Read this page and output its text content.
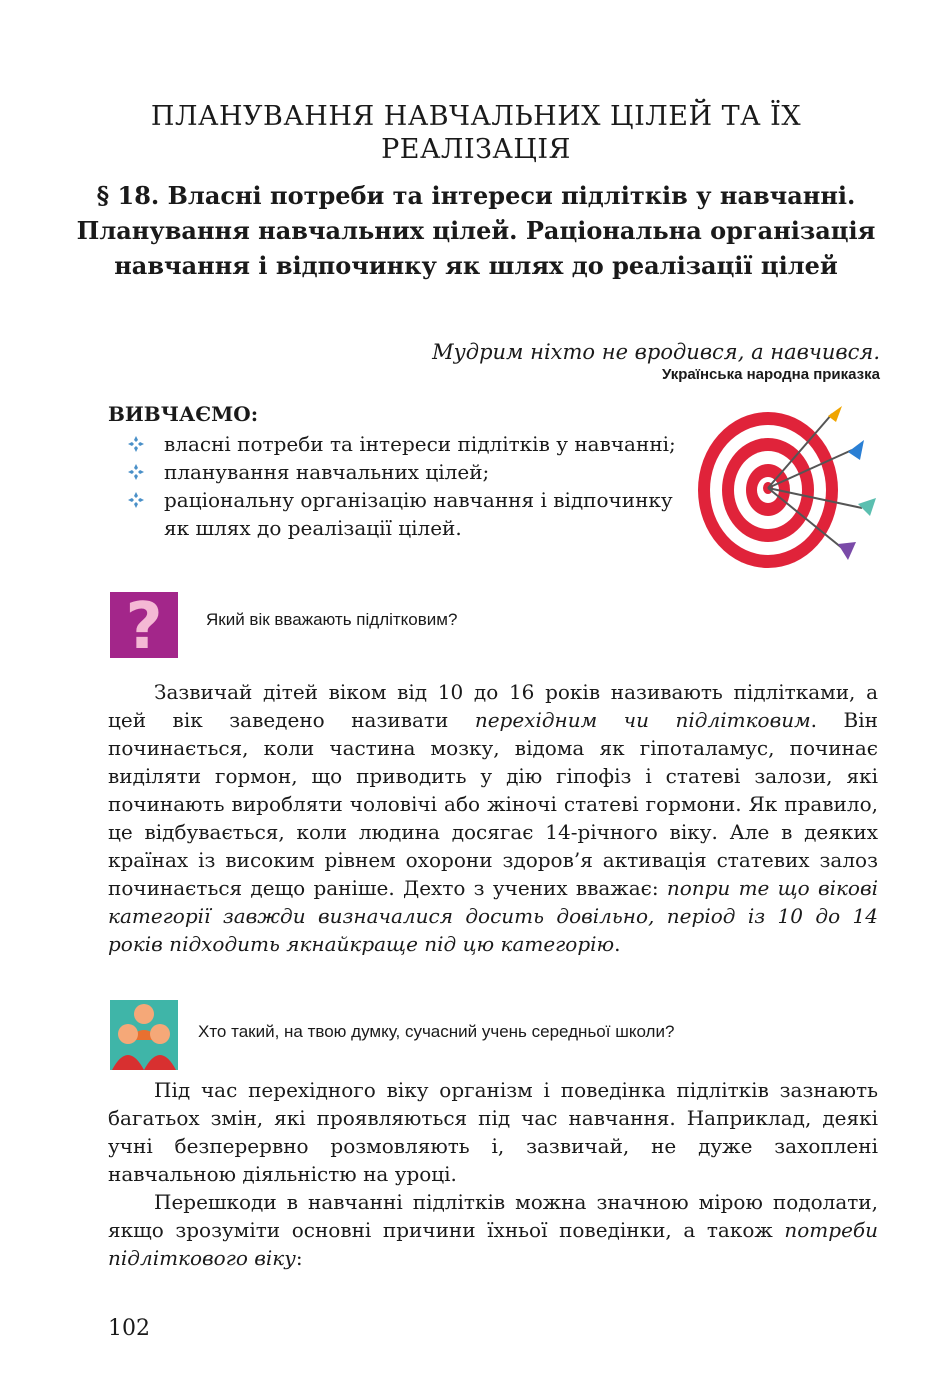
ПЛАНУВАННЯ НАВЧАЛЬНИХ ЦІЛЕЙ ТА ЇХ РЕАЛІЗАЦІЯ
§ 18. Власні потреби та інтереси підлітків у навчанні. Планування навчальних цілей. Раціональна організація навчання і відпочинку як шлях до реалізації цілей
Мудрим ніхто не вродився, а навчився.
Українська народна приказка
ВИВЧАЄМО:
власні потреби та інтереси підлітків у навчанні;
планування навчальних цілей;
раціональну організацію навчання і відпочинку як шлях до реалізації цілей.
?	Який вік вважають підлітковим?

Зазвичай дітей віком від 10 до 16 років називають підлітками, а цей вік заведено називати перехідним чи підлітковим. Він починається, коли частина мозку, відома як гіпоталамус, починає виділяти гормон, що приводить у дію гіпофіз і статеві залози, які починають виробляти чоловічі або жіночі статеві гормони. Як правило, це відбувається, коли людина досягає 14-річного віку. Але в деяких країнах із високим рівнем охорони здоров’я активація статевих залоз починається дещо раніше. Дехто з учених вважає: попри те що вікові категорії завжди визначалися досить довільно, період із 10 до 14 років підходить якнайкраще під цю категорію.

Хто такий, на твою думку, сучасний учень середньої школи?

Під час перехідного віку організм і поведінка підлітків зазнають багатьох змін, які проявляються під час навчання. Наприклад, деякі учні безперервно розмовляють і, зазвичай, не дуже захоплені навчальною діяльністю на уроці.

Перешкоди в навчанні підлітків можна значною мірою подолати, якщо зрозуміти основні причини їхньої поведінки, а також потреби підліткового віку:

102
